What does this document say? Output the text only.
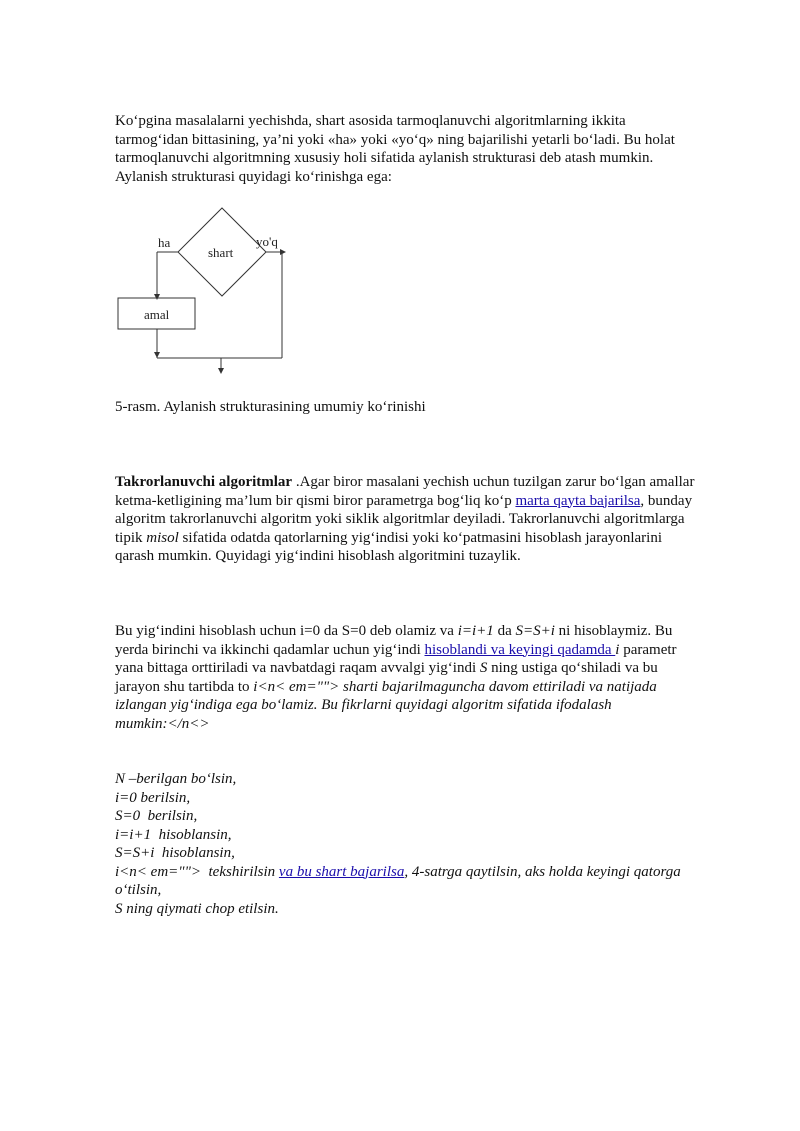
Ko‘pgina masalalarni yechishda, shart asosida tarmoqlanuvchi algoritmlarning ikkita

tarmog‘idan bittasining, ya’ni yoki «ha» yoki «yo‘q» ning bajarilishi yetarli bo‘ladi. Bu holat

tarmoqlanuvchi algoritmning xususiy holi sifatida aylanish strukturasi deb atash mumkin.

Aylanish strukturasi quyidagi ko‘rinishga ega:

ha	yo'q
shart
amal
5-rasm. Aylanish strukturasining umumiy ko‘rinishi

Takrorlanuvchi algoritmlar .Agar biror masalani yechish uchun tuzilgan zarur bo‘lgan amallar

ketma-ketligining ma’lum bir qismi biror parametrga bog‘liq ko‘p marta qayta bajarilsa, bunday

algoritm takrorlanuvchi algoritm yoki siklik algoritmlar deyiladi. Takrorlanuvchi algoritmlarga

tipik misol sifatida odatda qatorlarning yig‘indisi yoki ko‘patmasini hisoblash jarayonlarini

qarash mumkin. Quyidagi yig‘indini hisoblash algoritmini tuzaylik.

Bu yig‘indini hisoblash uchun i=0 da S=0 deb olamiz va i=i+1 da S=S+i ni hisoblaymiz. Bu

yerda birinchi va ikkinchi qadamlar uchun yig‘indi hisoblandi va keyingi qadamda i parametr

yana bittaga orttiriladi va navbatdagi raqam avvalgi yig‘indi S ning ustiga qo‘shiladi va bu

jarayon shu tartibda to i<n< em=""> sharti bajarilmaguncha davom ettiriladi va natijada

izlangan yig‘indiga ega bo‘lamiz. Bu fikrlarni quyidagi algoritm sifatida ifodalash

mumkin:</n<>

N –berilgan bo‘lsin,
i=0 berilsin,
S=0  berilsin,
i=i+1  hisoblansin,
S=S+i  hisoblansin,
i<n< em="">  tekshirilsin va bu shart bajarilsa, 4-satrga qaytilsin, aks holda keyingi qatorga
o‘tilsin,
S ning qiymati chop etilsin.
